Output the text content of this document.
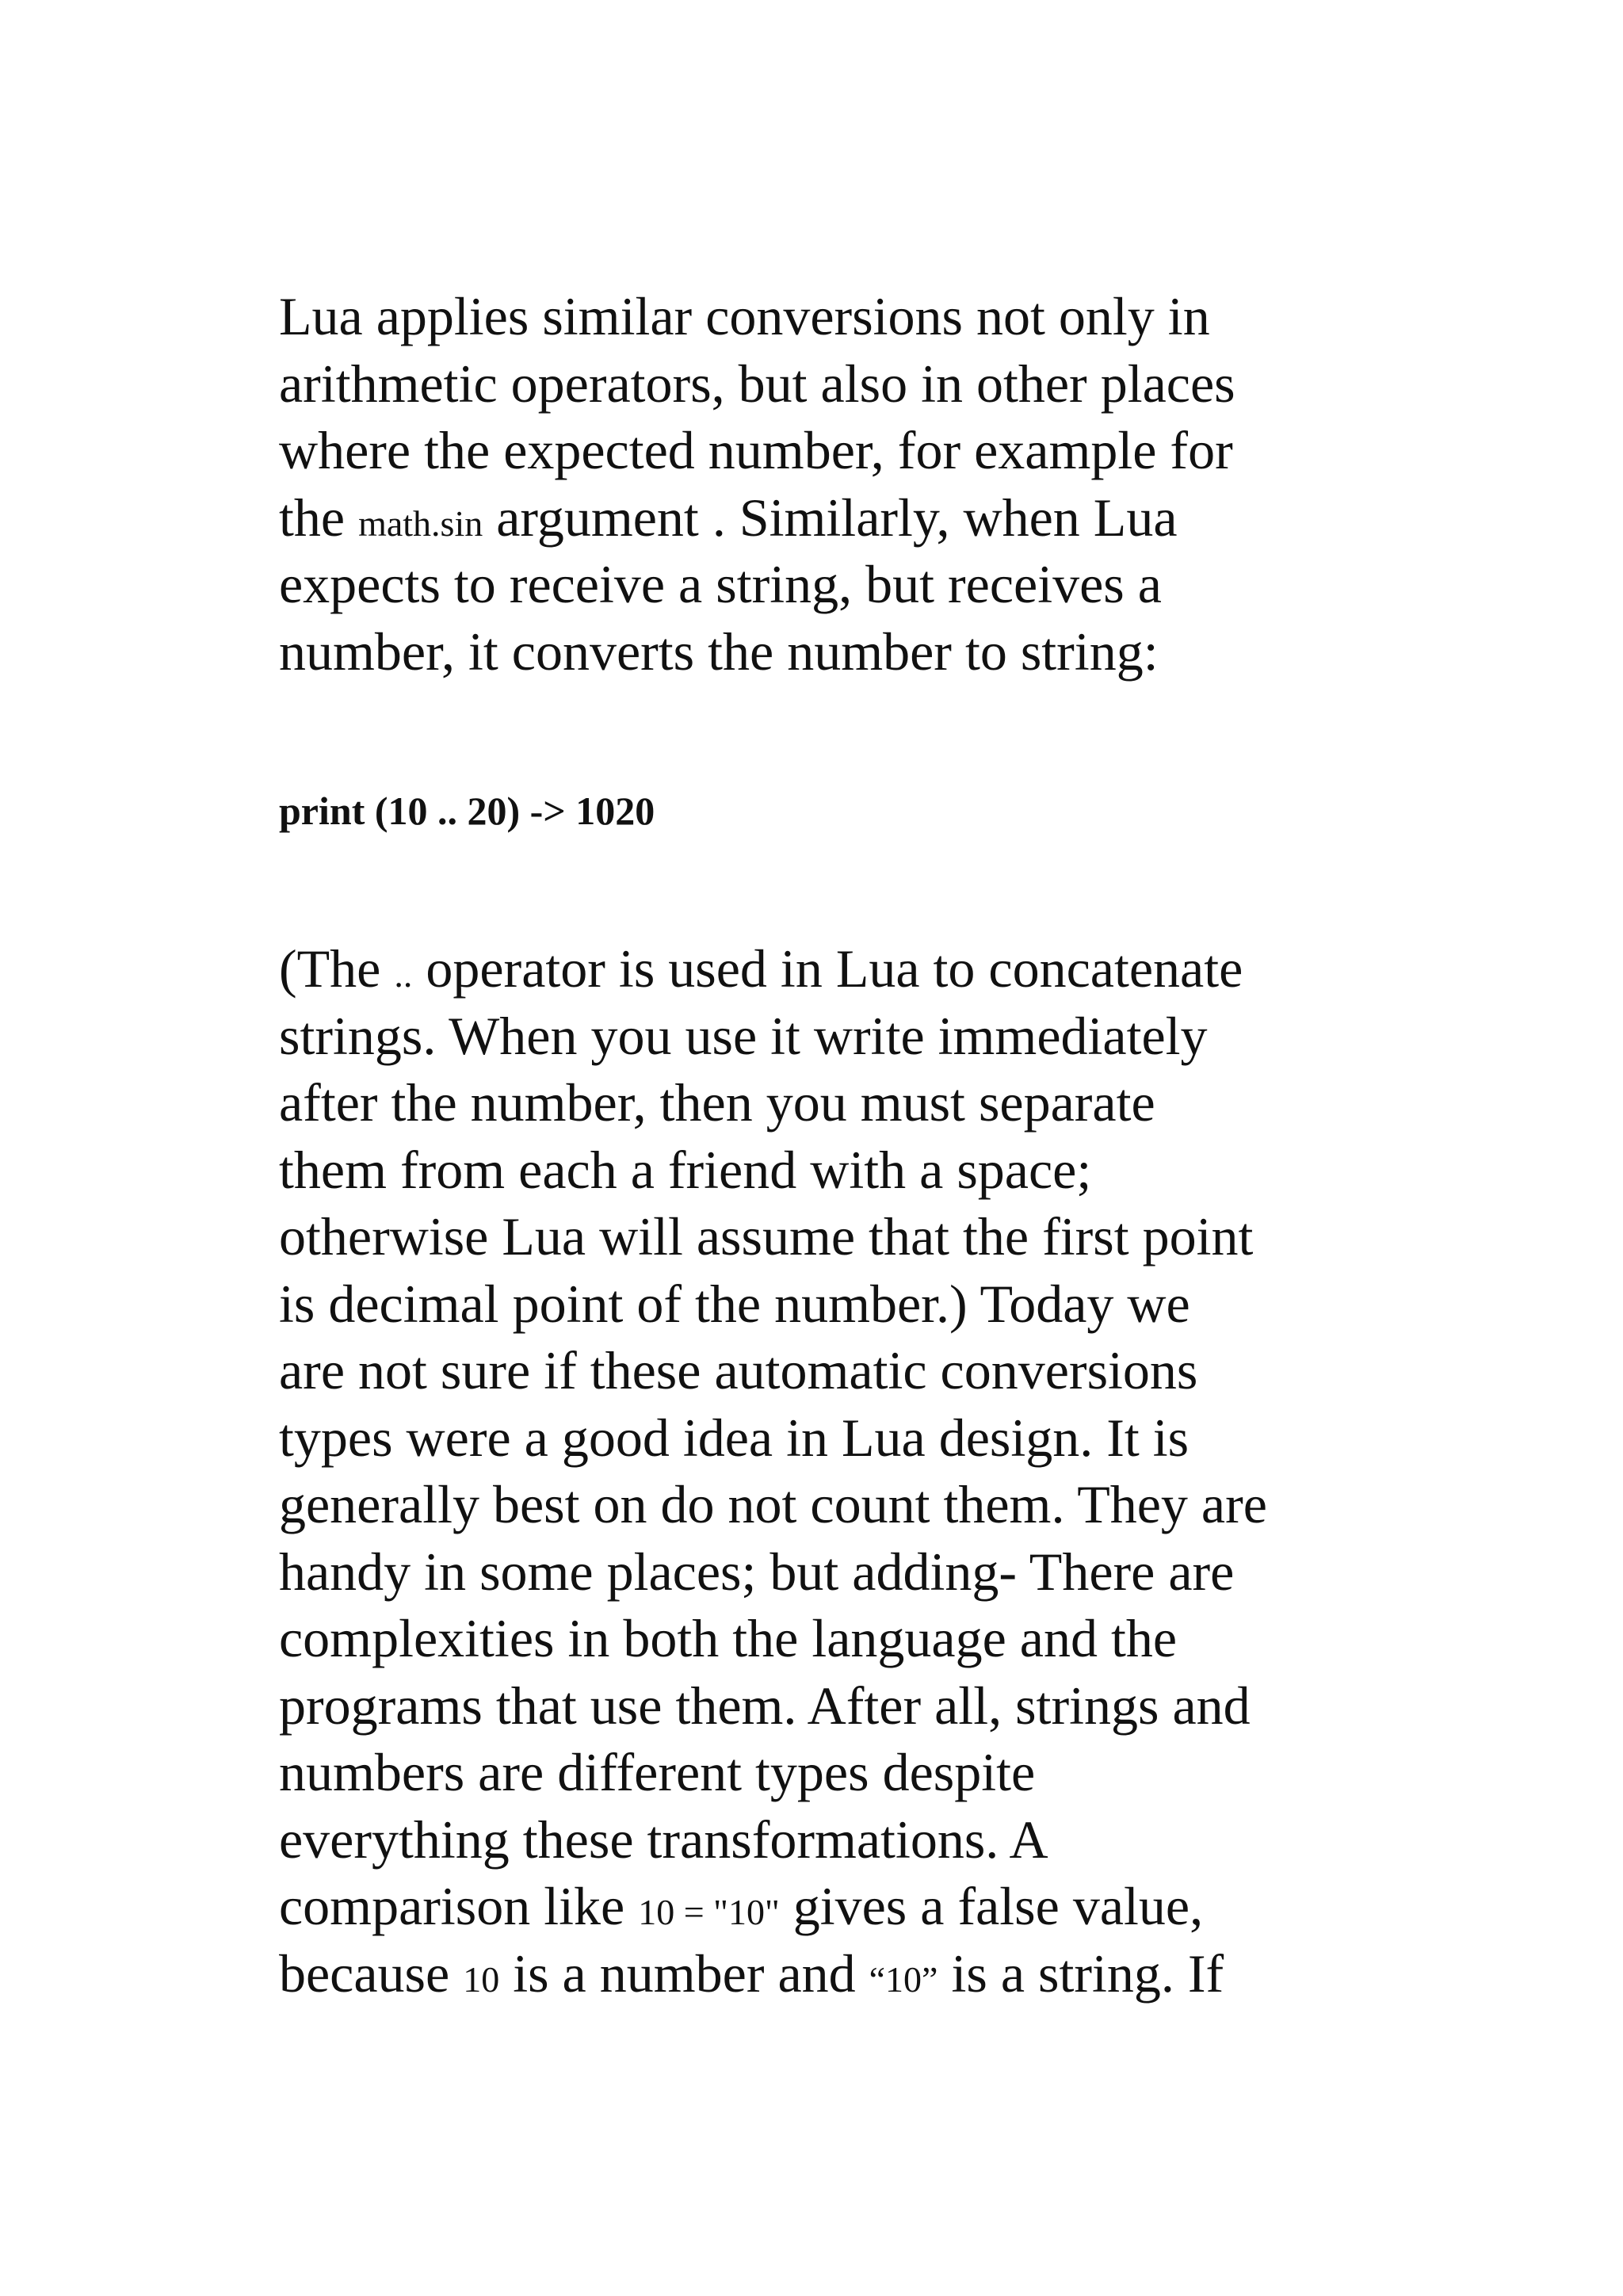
Lua applies similar conversions not only in
arithmetic operators, but also in other places
where the expected number, for example for
the math.sin argument . Similarly, when Lua
expects to receive a string, but receives a
number, it converts the number to string:

print (10 .. 20) -> 1020

(The .. operator is used in Lua to concatenate
strings. When you use it write immediately
after the number, then you must separate
them from each a friend with a space;
otherwise Lua will assume that the first point
is decimal point of the number.) Today we
are not sure if these automatic conversions
types were a good idea in Lua design. It is
generally best on do not count them. They are
handy in some places; but adding- There are
complexities in both the language and the
programs that use them. After all, strings and
numbers are different types despite
everything these transformations. A
comparison like 10 = "10" gives a false value,
because 10 is a number and “10” is a string. If
